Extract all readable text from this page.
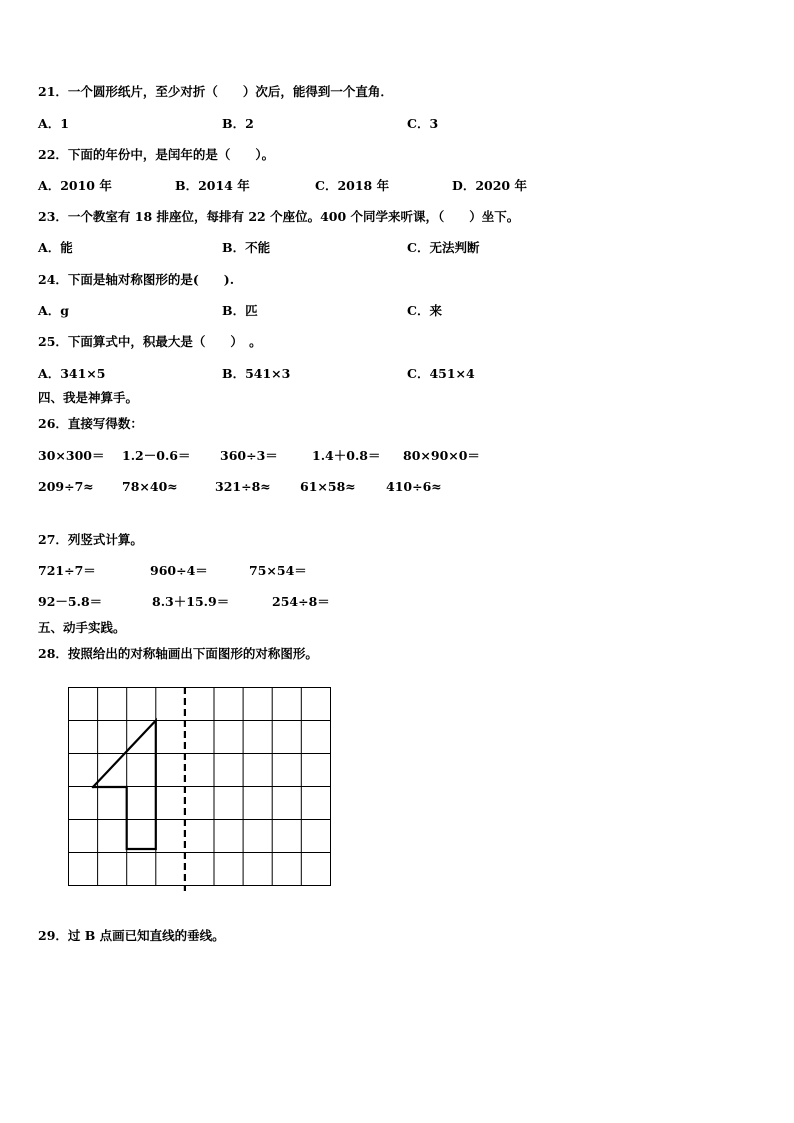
21．一个圆形纸片，至少对折（　　）次后，能得到一个直角．
A．1	B．2	C．3
22．下面的年份中，是闰年的是（　　）。
A．2010 年	B．2014 年	C．2018 年	D．2020 年
23．一个教室有 18 排座位，每排有 22 个座位。400 个同学来听课，（　　）坐下。
A．能	B．不能	C．无法判断
24．下面是轴对称图形的是(　　).
A．g	B．匹	C．来
25．下面算式中，积最大是（　　）　。
A．341×5	B．541×3	C．451×4
四、我是神算手。
26．直接写得数：
30×300＝ 1.2－0.6＝ 360÷3＝	1.4＋0.8＝ 80×90×0＝
209÷7≈ 78×40≈	321÷8≈ 61×58≈ 410÷6≈
27．列竖式计算。
721÷7＝	960÷4＝	75×54＝
92－5.8＝	8.3＋15.9＝	254÷8＝
五、动手实践。
28．按照给出的对称轴画出下面图形的对称图形。
29．过 B 点画已知直线的垂线。
